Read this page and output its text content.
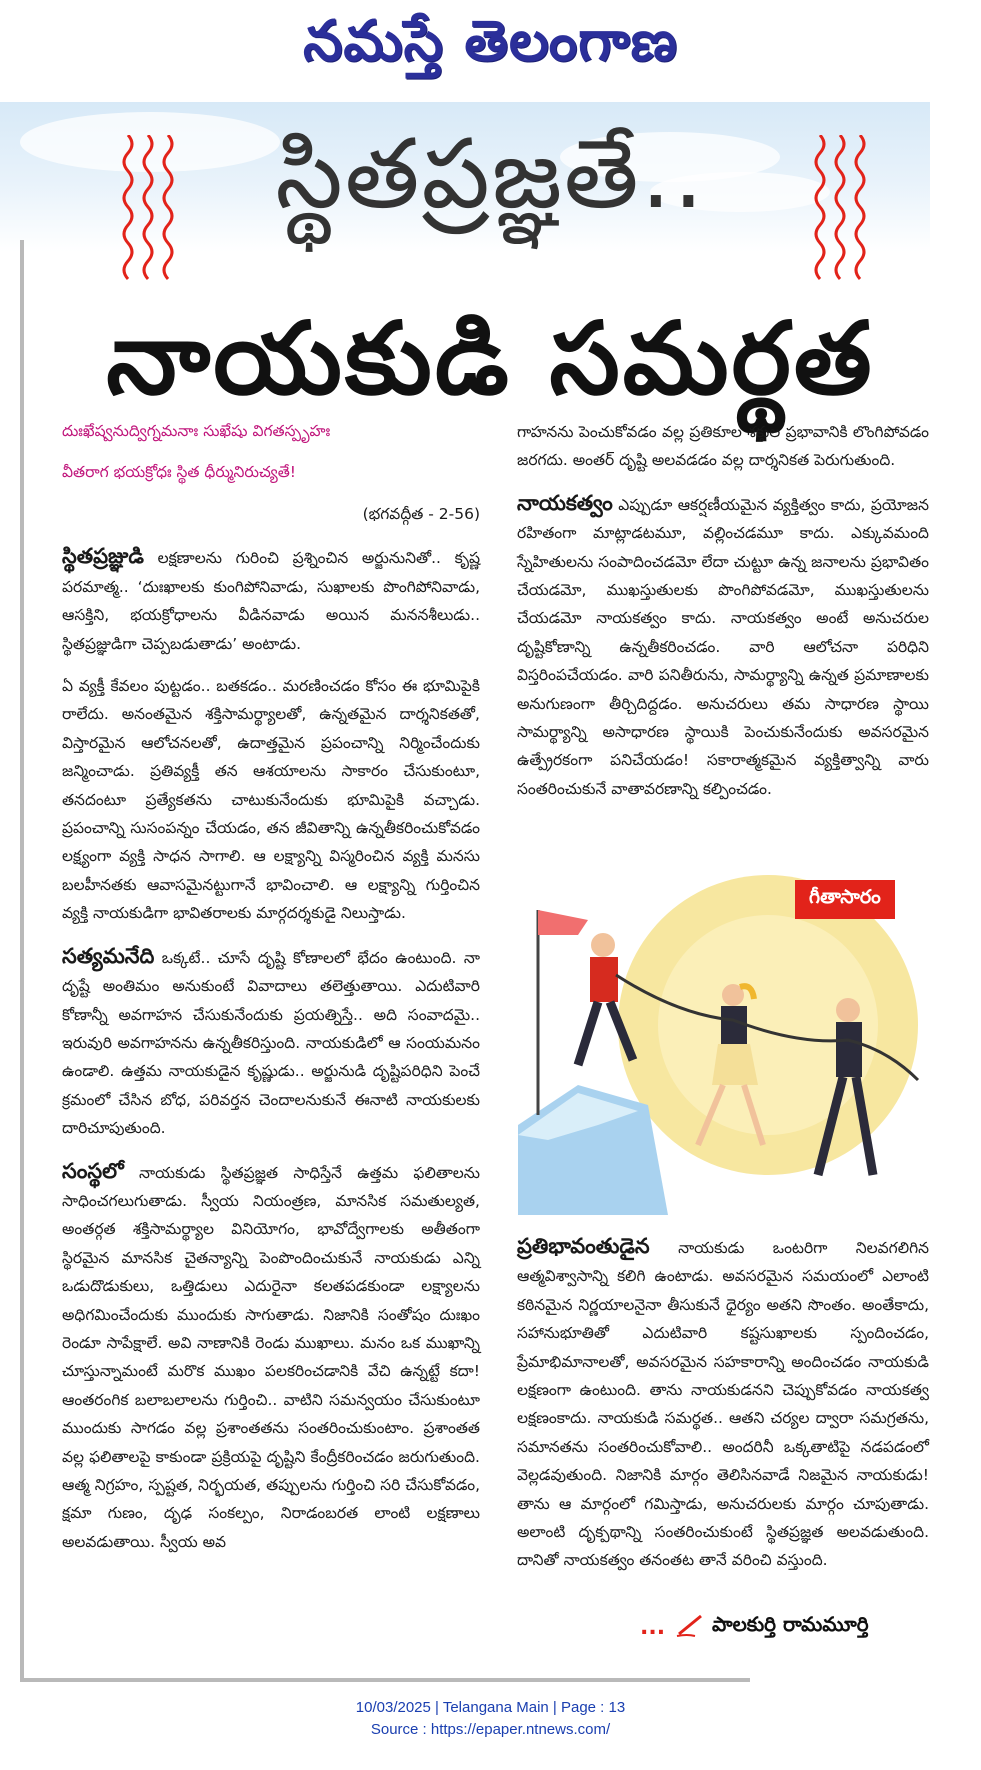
నమస్తే తెలంగాణ
స్థితప్రజ్ఞతే..
నాయకుడి సమర్థత

దుఃఖేష్వనుద్విగ్నమనాః సుఖేషు విగతస్పృహః

వీతరాగ భయక్రోధః స్థిత ధీర్మునిరుచ్యతే!

(భగవద్గీత - 2-56)

స్థితప్రజ్ఞుడి లక్షణాలను గురించి ప్రశ్నించిన అర్జునునితో.. కృష్ణ పరమాత్మ.. ‘దుఃఖాలకు కుంగిపోనివాడు, సుఖాలకు పొంగిపోనివాడు, ఆసక్తిని, భయక్రోధాలను వీడినవాడు అయిన మననశీలుడు.. స్థితప్రజ్ఞుడిగా చెప్పబడుతాడు’ అంటాడు.

ఏ వ్యక్తీ కేవలం పుట్టడం.. బతకడం.. మరణించడం కోసం ఈ భూమిపైకి రాలేదు. అనంతమైన శక్తిసామర్థ్యాలతో, ఉన్నతమైన దార్శనికతతో, విస్తారమైన ఆలోచనలతో, ఉదాత్తమైన ప్రపంచాన్ని నిర్మించేందుకు జన్మించాడు. ప్రతివ్యక్తీ తన ఆశయాలను సాకారం చేసుకుంటూ, తనదంటూ ప్రత్యేకతను చాటుకునేందుకు భూమిపైకి వచ్చాడు. ప్రపంచాన్ని సుసంపన్నం చేయడం, తన జీవితాన్ని ఉన్నతీకరించుకోవడం లక్ష్యంగా వ్యక్తి సాధన సాగాలి. ఆ లక్ష్యాన్ని విస్మరించిన వ్యక్తి మనసు బలహీనతకు ఆవాసమైనట్టుగానే భావించాలి. ఆ లక్ష్యాన్ని గుర్తించిన వ్యక్తి నాయకుడిగా భావితరాలకు మార్గదర్శకుడై నిలుస్తాడు.

సత్యమనేది ఒక్కటే.. చూసే దృష్టి కోణాలలో భేదం ఉంటుంది. నా దృష్టే అంతిమం అనుకుంటే వివాదాలు తలెత్తుతాయి. ఎదుటివారి కోణాన్నీ అవగాహన చేసుకునేందుకు ప్రయత్నిస్తే.. అది సంవాదమై.. ఇరువురి అవగాహనను ఉన్నతీకరిస్తుంది. నాయకుడిలో ఆ సంయమనం ఉండాలి. ఉత్తమ నాయకుడైన కృష్ణుడు.. అర్జునుడి దృష్టిపరిధిని పెంచే క్రమంలో చేసిన బోధ, పరివర్తన చెందాలనుకునే ఈనాటి నాయకులకు దారిచూపుతుంది.

సంస్థలో నాయకుడు స్థితప్రజ్ఞత సాధిస్తేనే ఉత్తమ ఫలితాలను సాధించగలుగుతాడు. స్వీయ నియంత్రణ, మానసిక సమతుల్యత, అంతర్గత శక్తిసామర్థ్యాల వినియోగం, భావోద్వేగాలకు అతీతంగా స్థిరమైన మానసిక చైతన్యాన్ని పెంపొందించుకునే నాయకుడు ఎన్ని ఒడుదొడుకులు, ఒత్తిడులు ఎదురైనా కలతపడకుండా లక్ష్యాలను అధిగమించేందుకు ముందుకు సాగుతాడు. నిజానికి సంతోషం దుఃఖం రెండూ సాపేక్షాలే. అవి నాణానికి రెండు ముఖాలు. మనం ఒక ముఖాన్ని చూస్తున్నామంటే మరొక ముఖం పలకరించడానికి వేచి ఉన్నట్టే కదా! ఆంతరంగిక బలాబలాలను గుర్తించి.. వాటిని సమన్వయం చేసుకుంటూ ముందుకు సాగడం వల్ల ప్రశాంతతను సంతరించుకుంటాం. ప్రశాంతత వల్ల ఫలితాలపై కాకుండా ప్రక్రియపై దృష్టిని కేంద్రీకరించడం జరుగుతుంది. ఆత్మ నిగ్రహం, స్పష్టత, నిర్భయత, తప్పులను గుర్తించి సరి చేసుకోవడం, క్షమా గుణం, దృఢ సంకల్పం, నిరాడంబరత లాంటి లక్షణాలు అలవడుతాయి. స్వీయ అవ

గాహనను పెంచుకోవడం వల్ల ప్రతికూల శక్తుల ప్రభావానికి లొంగిపోవడం జరగదు. అంతర్ దృష్టి అలవడడం వల్ల దార్శనికత పెరుగుతుంది.

నాయకత్వం ఎప్పుడూ ఆకర్షణీయమైన వ్యక్తిత్వం కాదు, ప్రయోజన రహితంగా మాట్లాడటమూ, వల్లించడమూ కాదు. ఎక్కువమంది స్నేహితులను సంపాదించడమో లేదా చుట్టూ ఉన్న జనాలను ప్రభావితం చేయడమో, ముఖస్తుతులకు పొంగిపోవడమో, ముఖస్తుతులను చేయడమో నాయకత్వం కాదు. నాయకత్వం అంటే అనుచరుల దృష్టికోణాన్ని ఉన్నతీకరించడం. వారి ఆలోచనా పరిధిని విస్తరింపచేయడం. వారి పనితీరును, సామర్థ్యాన్ని ఉన్నత ప్రమాణాలకు అనుగుణంగా తీర్చిదిద్దడం. అనుచరులు తమ సాధారణ స్థాయి సామర్థ్యాన్ని అసాధారణ స్థాయికి పెంచుకునేందుకు అవసరమైన ఉత్ప్రేరకంగా పనిచేయడం! సకారాత్మకమైన వ్యక్తిత్వాన్ని వారు సంతరించుకునే వాతావరణాన్ని కల్పించడం.

గీతాసారం

ప్రతిభావంతుడైన నాయకుడు ఒంటరిగా నిలవగలిగిన ఆత్మవిశ్వాసాన్ని కలిగి ఉంటాడు. అవసరమైన సమయంలో ఎలాంటి కఠినమైన నిర్ణయాలనైనా తీసుకునే ధైర్యం అతని సొంతం. అంతేకాదు, సహానుభూతితో ఎదుటివారి కష్టసుఖాలకు స్పందించడం, ప్రేమాభిమానాలతో, అవసరమైన సహకారాన్ని అందించడం నాయకుడి లక్షణంగా ఉంటుంది. తాను నాయకుడనని చెప్పుకోవడం నాయకత్వ లక్షణంకాదు. నాయకుడి సమర్థత.. ఆతని చర్యల ద్వారా సమగ్రతను, సమానతను సంతరించుకోవాలి.. అందరినీ ఒక్కతాటిపై నడపడంలో వెల్లడవుతుంది. నిజానికి మార్గం తెలిసినవాడే నిజమైన నాయకుడు! తాను ఆ మార్గంలో గమిస్తాడు, అనుచరులకు మార్గం చూపుతాడు. అలాంటి దృక్పథాన్ని సంతరించుకుంటే స్థితప్రజ్ఞత అలవడుతుంది. దానితో నాయకత్వం తనంతట తానే వరించి వస్తుంది.

... పాలకుర్తి రామమూర్తి
10/03/2025 | Telangana Main | Page : 13
Source : https://epaper.ntnews.com/
